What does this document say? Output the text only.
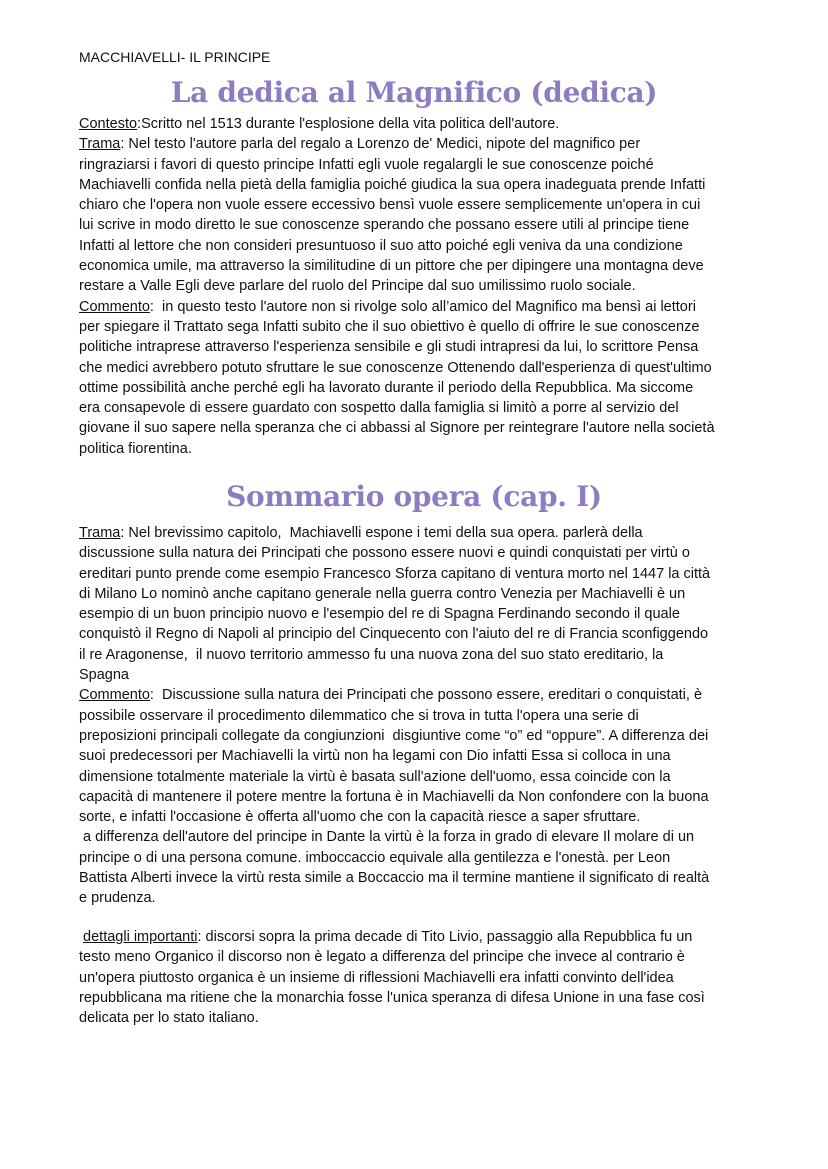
MACCHIAVELLI- IL PRINCIPE
La dedica al Magnifico (dedica)
Contesto:Scritto nel 1513 durante l'esplosione della vita politica dell'autore.
Trama: Nel testo l'autore parla del regalo a Lorenzo de' Medici, nipote del magnifico per
ringraziarsi i favori di questo principe Infatti egli vuole regalargli le sue conoscenze poiché
Machiavelli confida nella pietà della famiglia poiché giudica la sua opera inadeguata prende Infatti
chiaro che l'opera non vuole essere eccessivo bensì vuole essere semplicemente un'opera in cui
lui scrive in modo diretto le sue conoscenze sperando che possano essere utili al principe tiene
Infatti al lettore che non consideri presuntuoso il suo atto poiché egli veniva da una condizione
economica umile, ma attraverso la similitudine di un pittore che per dipingere una montagna deve
restare a Valle Egli deve parlare del ruolo del Principe dal suo umilissimo ruolo sociale.
Commento:  in questo testo l'autore non si rivolge solo all’amico del Magnifico ma bensì ai lettori
per spiegare il Trattato sega Infatti subito che il suo obiettivo è quello di offrire le sue conoscenze
politiche intraprese attraverso l'esperienza sensibile e gli studi intrapresi da lui, lo scrittore Pensa
che medici avrebbero potuto sfruttare le sue conoscenze Ottenendo dall'esperienza di quest'ultimo
ottime possibilità anche perché egli ha lavorato durante il periodo della Repubblica. Ma siccome
era consapevole di essere guardato con sospetto dalla famiglia si limitò a porre al servizio del
giovane il suo sapere nella speranza che ci abbassi al Signore per reintegrare l'autore nella società
politica fiorentina.
Sommario opera (cap. I)
Trama: Nel brevissimo capitolo,  Machiavelli espone i temi della sua opera. parlerà della
discussione sulla natura dei Principati che possono essere nuovi e quindi conquistati per virtù o
ereditari punto prende come esempio Francesco Sforza capitano di ventura morto nel 1447 la città
di Milano Lo nominò anche capitano generale nella guerra contro Venezia per Machiavelli è un
esempio di un buon principio nuovo e l'esempio del re di Spagna Ferdinando secondo il quale
conquistò il Regno di Napoli al principio del Cinquecento con l'aiuto del re di Francia sconfiggendo
il re Aragonense,  il nuovo territorio ammesso fu una nuova zona del suo stato ereditario, la
Spagna
Commento:  Discussione sulla natura dei Principati che possono essere, ereditari o conquistati, è
possibile osservare il procedimento dilemmatico che si trova in tutta l'opera una serie di
preposizioni principali collegate da congiunzioni  disgiuntive come “o” ed “oppure”. A differenza dei
suoi predecessori per Machiavelli la virtù non ha legami con Dio infatti Essa si colloca in una
dimensione totalmente materiale la virtù è basata sull'azione dell'uomo, essa coincide con la
capacità di mantenere il potere mentre la fortuna è in Machiavelli da Non confondere con la buona
sorte, e infatti l'occasione è offerta all'uomo che con la capacità riesce a saper sfruttare.
a differenza dell'autore del principe in Dante la virtù è la forza in grado di elevare Il molare di un
principe o di una persona comune. imboccaccio equivale alla gentilezza e l'onestà. per Leon
Battista Alberti invece la virtù resta simile a Boccaccio ma il termine mantiene il significato di realtà
e prudenza.
dettagli importanti: discorsi sopra la prima decade di Tito Livio, passaggio alla Repubblica fu un
testo meno Organico il discorso non è legato a differenza del principe che invece al contrario è
un'opera piuttosto organica è un insieme di riflessioni Machiavelli era infatti convinto dell'idea
repubblicana ma ritiene che la monarchia fosse l'unica speranza di difesa Unione in una fase così
delicata per lo stato italiano.
